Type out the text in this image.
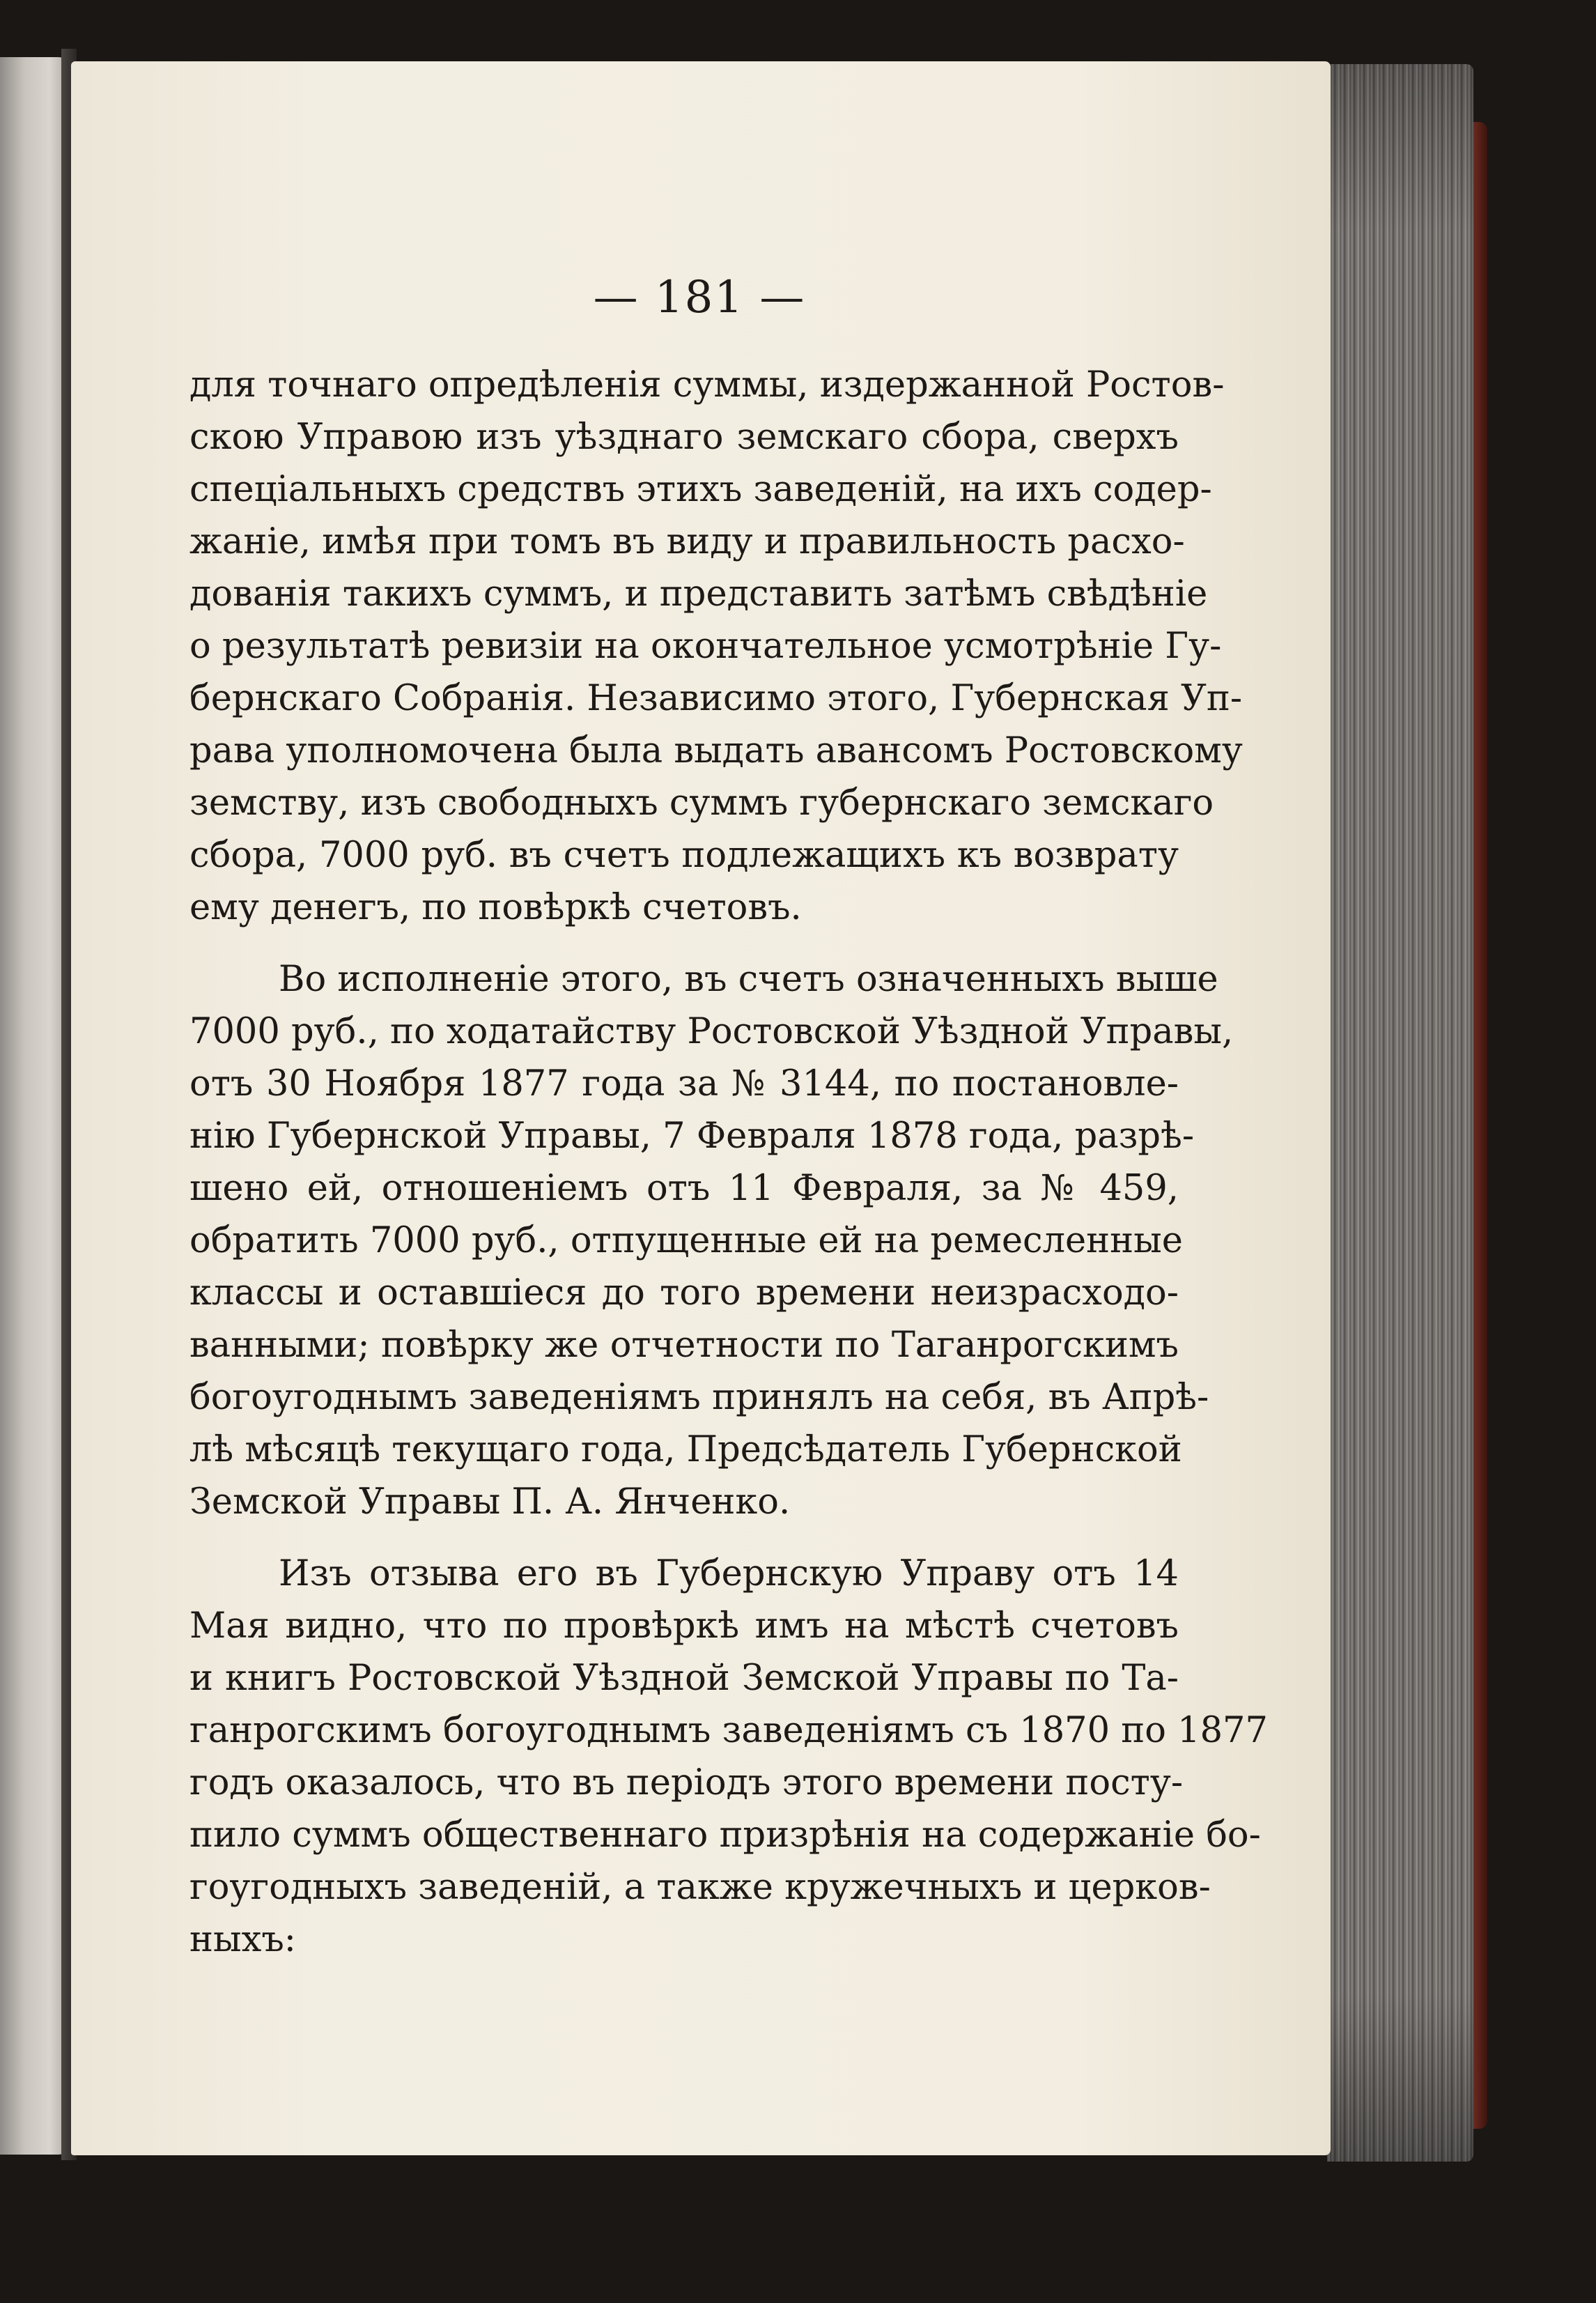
— 181 —
для точнаго опредѣленія суммы, издержанной Ростов-
скою Управою изъ уѣзднаго земскаго сбора, сверхъ
спеціальныхъ средствъ этихъ заведеній, на ихъ содер-
жаніе, имѣя при томъ въ виду и правильность расхо-
дованія такихъ суммъ, и представить затѣмъ свѣдѣніе
о результатѣ ревизіи на окончательное усмотрѣніе Гу-
бернскаго Собранія. Независимо этого, Губернская Уп-
рава уполномочена была выдать авансомъ Ростовскому
земству, изъ свободныхъ суммъ губернскаго земскаго
сбора, 7000 руб. въ счетъ подлежащихъ къ возврату
ему денегъ, по повѣркѣ счетовъ.
Во исполненіе этого, въ счетъ означенныхъ выше
7000 руб., по ходатайству Ростовской Уѣздной Управы,
отъ 30 Ноября 1877 года за № 3144, по постановле-
нію Губернской Управы, 7 Февраля 1878 года, разрѣ-
шено ей, отношеніемъ отъ 11 Февраля, за № 459,
обратить 7000 руб., отпущенные ей на ремесленные
классы и оставшіеся до того времени неизрасходо-
ванными; повѣрку же отчетности по Таганрогскимъ
богоугоднымъ заведеніямъ принялъ на себя, въ Апрѣ-
лѣ мѣсяцѣ текущаго года, Предсѣдатель Губернской
Земской Управы П. А. Янченко.
Изъ отзыва его въ Губернскую Управу отъ 14
Мая видно, что по провѣркѣ имъ на мѣстѣ счетовъ
и книгъ Ростовской Уѣздной Земской Управы по Та-
ганрогскимъ богоугоднымъ заведеніямъ съ 1870 по 1877
годъ оказалось, что въ періодъ этого времени посту-
пило суммъ общественнаго призрѣнія на содержаніе бо-
гоугодныхъ заведеній, а также кружечныхъ и церков-
ныхъ:
